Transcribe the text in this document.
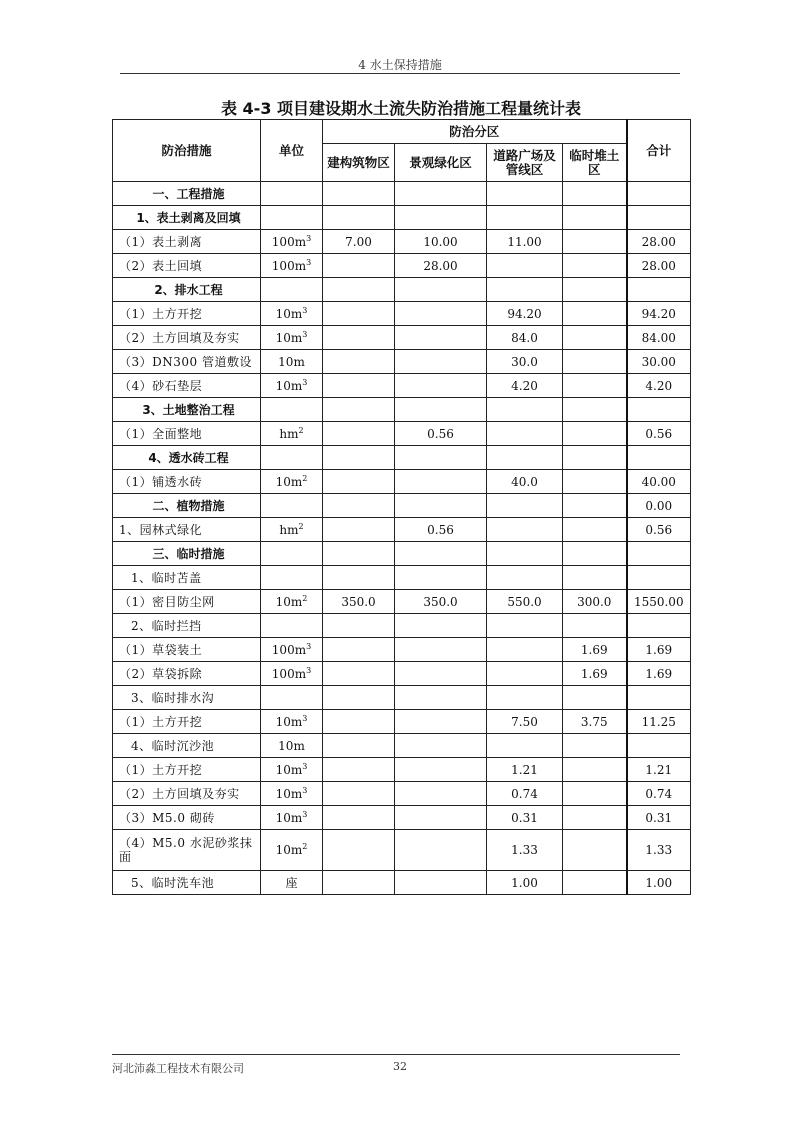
4 水土保持措施
表 4-3 项目建设期水土流失防治措施工程量统计表
防治措施	单位	防治分区				合计
		建构筑物区	景观绿化区	道路广场及管线区	临时堆土区	
一、工程措施						
1、表土剥离及回填						
（1）表土剥离	$100m^3$	7.00	10.00	11.00		28.00
（2）表土回填	$100m^3$		28.00			28.00
2、排水工程						
（1）土方开挖	$10m^3$			94.20		94.20
（2）土方回填及夯实	$10m^3$			84.0		84.00
（3）DN300 管道敷设	10m			30.0		30.00
（4）砂石垫层	$10m^3$			4.20		4.20
3、土地整治工程						
（1）全面整地	$hm^2$		0.56			0.56
4、透水砖工程						
（1）铺透水砖	$10m^2$			40.0		40.00
二、植物措施						0.00
1、园林式绿化	$hm^2$		0.56			0.56
三、临时措施						
1、临时苫盖						
（1）密目防尘网	$10m^2$	350.0	350.0	550.0	300.0	1550.00
2、临时拦挡						
（1）草袋装土	$100m^3$				1.69	1.69
（2）草袋拆除	$100m^3$				1.69	1.69
3、临时排水沟						
（1）土方开挖	$10m^3$			7.50	3.75	11.25
4、临时沉沙池	10m					
（1）土方开挖	$10m^3$			1.21		1.21
（2）土方回填及夯实	$10m^3$			0.74		0.74
（3）M5.0 砌砖	$10m^3$			0.31		0.31
（4）M5.0 水泥砂浆抹面	$10m^2$			1.33		1.33
5、临时洗车池	座			1.00		1.00
河北沛淼工程技术有限公司	32
